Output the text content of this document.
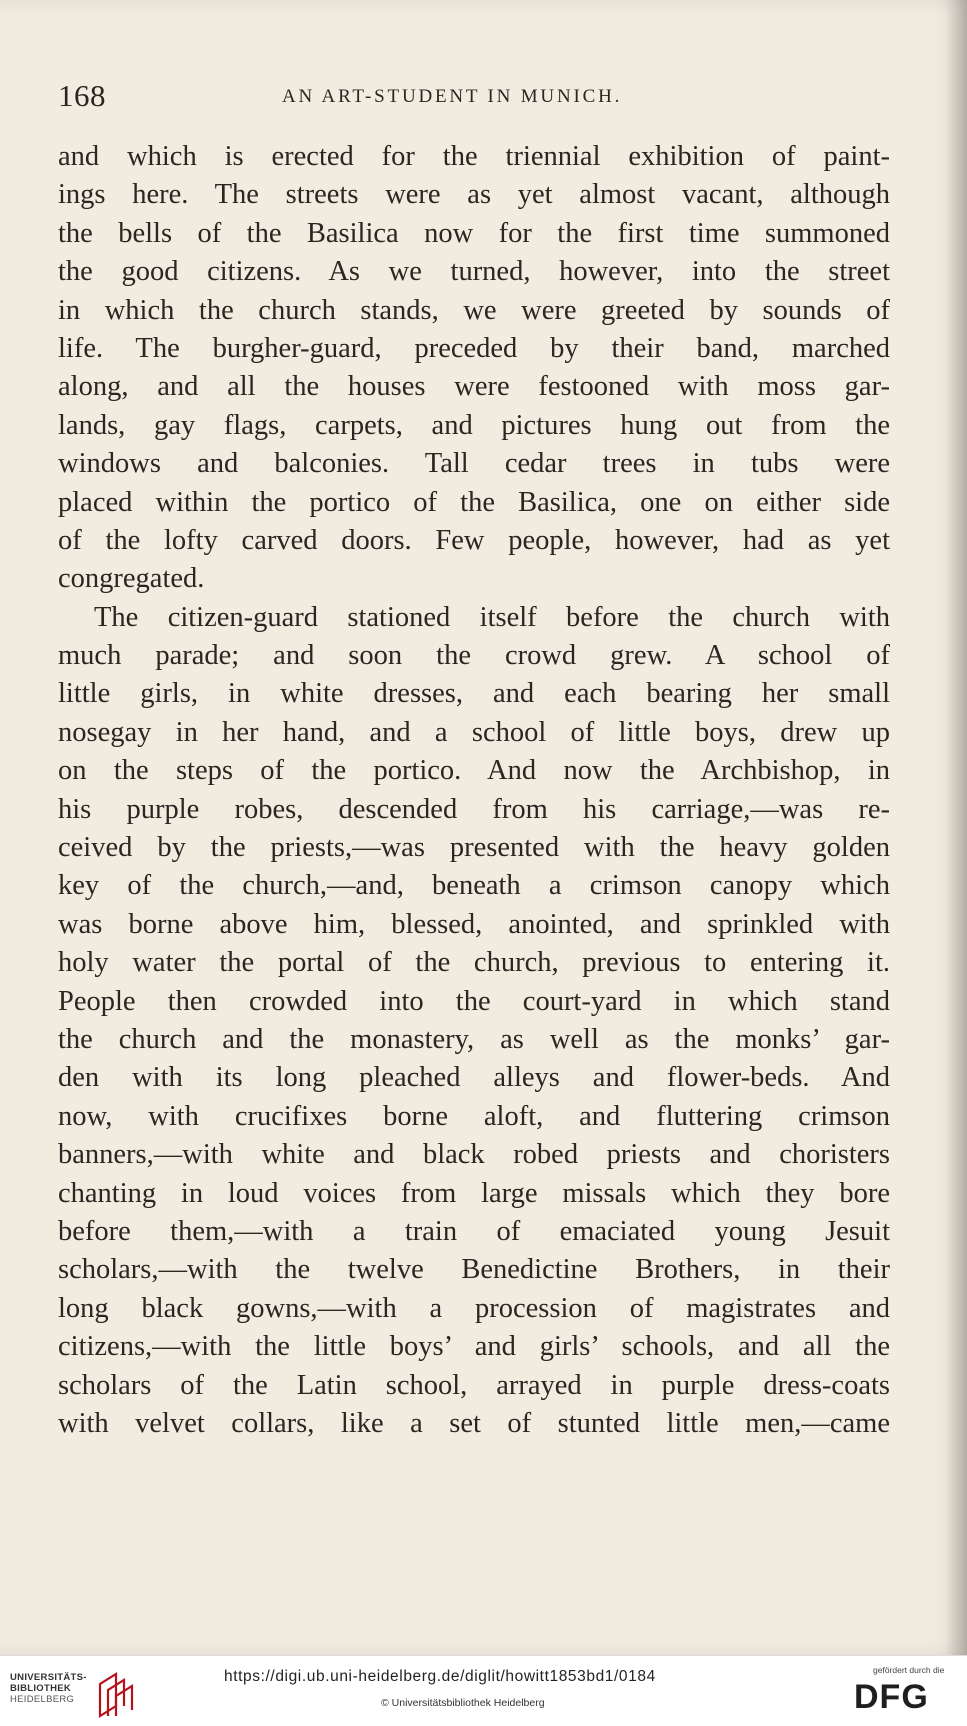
168	AN ART-STUDENT IN MUNICH.
and which is erected for the triennial exhibition of paint-
ings here. The streets were as yet almost vacant, although
the bells of the Basilica now for the first time summoned
the good citizens. As we turned, however, into the street
in which the church stands, we were greeted by sounds of
life. The burgher-guard, preceded by their band, marched
along, and all the houses were festooned with moss gar-
lands, gay flags, carpets, and pictures hung out from the
windows and balconies. Tall cedar trees in tubs were
placed within the portico of the Basilica, one on either side
of the lofty carved doors. Few people, however, had as yet
congregated.
The citizen-guard stationed itself before the church with
much parade; and soon the crowd grew. A school of
little girls, in white dresses, and each bearing her small
nosegay in her hand, and a school of little boys, drew up
on the steps of the portico. And now the Archbishop, in
his purple robes, descended from his carriage,—was re-
ceived by the priests,—was presented with the heavy golden
key of the church,—and, beneath a crimson canopy which
was borne above him, blessed, anointed, and sprinkled with
holy water the portal of the church, previous to entering it.
People then crowded into the court-yard in which stand
the church and the monastery, as well as the monks’ gar-
den with its long pleached alleys and flower-beds. And
now, with crucifixes borne aloft, and fluttering crimson
banners,—with white and black robed priests and choristers
chanting in loud voices from large missals which they bore
before them,—with a train of emaciated young Jesuit
scholars,—with the twelve Benedictine Brothers, in their
long black gowns,—with a procession of magistrates and
citizens,—with the little boys’ and girls’ schools, and all the
scholars of the Latin school, arrayed in purple dress-coats
with velvet collars, like a set of stunted little men,—came
UNIVERSITÄTS-
BIBLIOTHEK
HEIDELBERG
https://digi.ub.uni-heidelberg.de/diglit/howitt1853bd1/0184
© Universitätsbibliothek Heidelberg
gefördert durch die
DFG
